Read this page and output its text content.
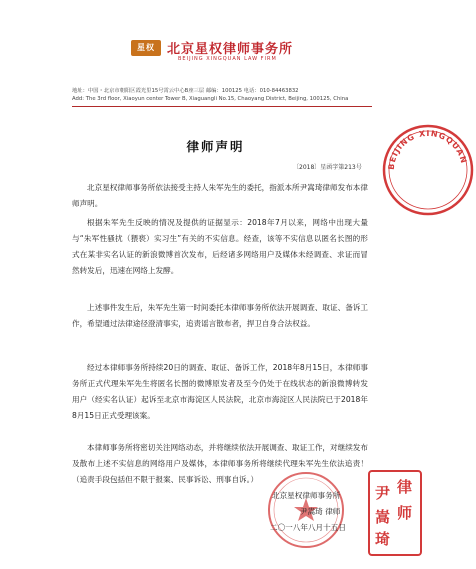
星权 北京星权律师事务所
BEIJING XINGQUAN LAW FIRM
地址：中国・北京市朝阳区霞光里15号霄云中心B座三层 邮编：100125 电话：010-84463832
Add: The 3rd floor, Xiaoyun center Tower B, Xiaguangli No.15, Chaoyang District, Beijing, 100125, China
BEIJING XINGQUAN
律师声明
〔2018〕星函字第213号

北京星权律师事务所依法接受主持人朱军先生的委托，指派本所尹嵩琦律师发布本律师声明。

根据朱军先生反映的情况及提供的证据显示：2018年7月以来，网络中出现大量与“朱军性骚扰（猥亵）实习生”有关的不实信息。经查，该等不实信息以匿名长图的形式在某非实名认证的新浪微博首次发布，后经诸多网络用户及媒体未经调查、求证而冒然转发后，迅速在网络上发酵。

上述事件发生后，朱军先生第一时间委托本律师事务所依法开展调查、取证、备诉工作，希望通过法律途径澄清事实，追责谣言散布者，捍卫自身合法权益。

经过本律师事务所持续20日的调查、取证、备诉工作，2018年8月15日，本律师事务所正式代理朱军先生将匿名长图的微博原发者及至今仍处于在线状态的新浪微博转发用户（经实名认证）起诉至北京市海淀区人民法院，北京市海淀区人民法院已于2018年8月15日正式受理该案。

本律师事务所将密切关注网络动态，并将继续依法开展调查、取证工作，对继续发布及散布上述不实信息的网络用户及媒体，本律师事务所将继续代理朱军先生依法追责！（追责手段包括但不限于报案、民事诉讼、刑事自诉。）

北京星权律师事务所
尹嵩琦 律师
二〇一八年八月十五日
律
尹
师
嵩
琦
